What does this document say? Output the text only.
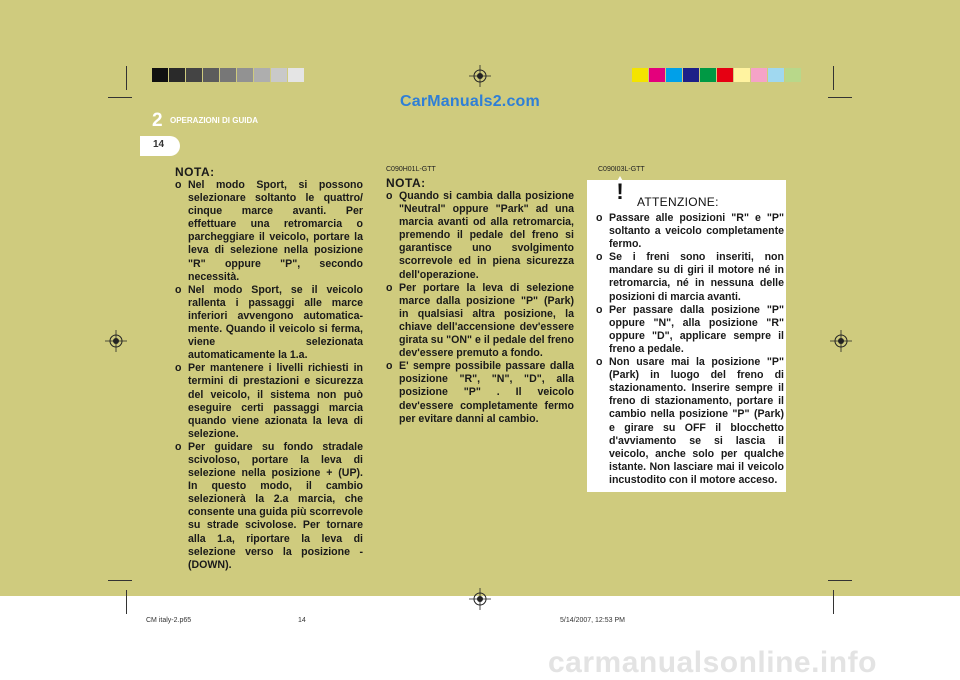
CarManuals2.com
2 OPERAZIONI DI GUIDA
14
NOTA:
o Nel modo Sport, si possono selezionare soltanto le quattro/ cinque marce avanti. Per effettuare una retromarcia o parcheggiare il veicolo, portare la leva di selezione nella posizione "R" oppure "P", secondo necessità.
o Nel modo Sport, se il veicolo rallenta i passaggi alle marce inferiori avvengono automatica- mente. Quando il veicolo si ferma, viene selezionata automaticamente la 1.a.
o Per mantenere i livelli richiesti in termini di prestazioni e sicurezza del veicolo, il sistema non può eseguire certi passaggi marcia quando viene azionata la leva di selezione.
o Per guidare su fondo stradale scivoloso, portare la leva di selezione nella posizione + (UP). In questo modo, il cambio selezionerà la 2.a marcia, che consente una guida più scorrevole su strade scivolose. Per tornare alla 1.a, riportare la leva di selezione verso la posizione - (DOWN).
C090H01L-GTT
NOTA:
o Quando si cambia dalla posizione "Neutral" oppure "Park" ad una marcia avanti od alla retromarcia, premendo il pedale del freno si garantisce uno svolgimento scorrevole ed in piena sicurezza dell'operazione.
o Per portare la leva di selezione marce dalla posizione "P" (Park) in qualsiasi altra posizione, la chiave dell'accensione dev'essere girata su "ON" e il pedale del freno dev'essere premuto a fondo.
o E' sempre possibile passare dalla posizione "R", "N", "D", alla posizione "P" . Il veicolo dev'essere completamente fermo per evitare danni al cambio.
C090I03L-GTT
! ATTENZIONE:
o Passare alle posizioni "R" e "P" soltanto a veicolo completamente fermo.
o Se i freni sono inseriti, non mandare su di giri il motore né in retromarcia, né in nessuna delle posizioni di marcia avanti.
o Per passare dalla posizione "P" oppure "N", alla posizione "R" oppure "D", applicare sempre il freno a pedale.
o Non usare mai la posizione "P" (Park) in luogo del freno di stazionamento. Inserire sempre il freno di stazionamento, portare il cambio nella posizione "P" (Park) e girare su OFF il blocchetto d'avviamento se si lascia il veicolo, anche solo per qualche istante. Non lasciare mai il veicolo incustodito con il motore acceso.
CM italy-2.p65	14	5/14/2007, 12:53 PM
carmanualsonline.info
